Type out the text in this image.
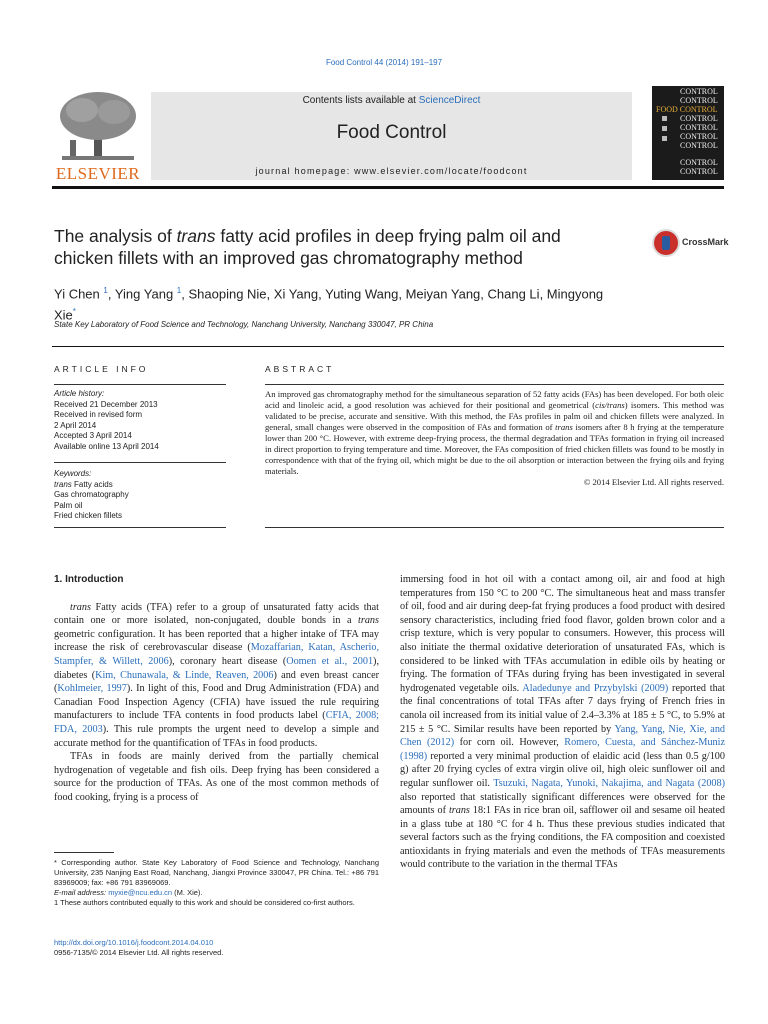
Food Control 44 (2014) 191–197
ELSEVIER
Contents lists available at ScienceDirect
Food Control
journal homepage: www.elsevier.com/locate/foodcont
CONTROL
CONTROL
FOOD CONTROL
CONTROL
CONTROL
CONTROL
CONTROL
CONTROL
CONTROL
The analysis of trans fatty acid profiles in deep frying palm oil and chicken fillets with an improved gas chromatography method
CrossMark
Yi Chen $^1$, Ying Yang $^1$, Shaoping Nie, Xi Yang, Yuting Wang, Meiyan Yang, Chang Li, Mingyong Xie*
State Key Laboratory of Food Science and Technology, Nanchang University, Nanchang 330047, PR China
ARTICLE INFO
Article history:
Received 21 December 2013
Received in revised form
2 April 2014
Accepted 3 April 2014
Available online 13 April 2014
Keywords:
trans Fatty acids
Gas chromatography
Palm oil
Fried chicken fillets
ABSTRACT
An improved gas chromatography method for the simultaneous separation of 52 fatty acids (FAs) has been developed. For both oleic acid and linoleic acid, a good resolution was achieved for their positional and geometrical (cis/trans) isomers. This method was validated to be precise, accurate and sensitive. With this method, the FAs profiles in palm oil and chicken fillets were analyzed. In general, small changes were observed in the composition of FAs and formation of trans isomers after 8 h frying at the temperature lower than 200 °C. However, with extreme deep-frying process, the thermal degradation and TFAs formation in frying oil increased in direct proportion to frying temperature and time. Moreover, the FAs composition of fried chicken fillets was found to be mostly in correspondence with that of the frying oil, which might be due to the oil absorption or interaction between the frying oils and frying materials.
© 2014 Elsevier Ltd. All rights reserved.
1. Introduction

trans Fatty acids (TFA) refer to a group of unsaturated fatty acids that contain one or more isolated, non-conjugated, double bonds in a trans geometric configuration. It has been reported that a higher intake of TFA may increase the risk of cerebrovascular disease (Mozaffarian, Katan, Ascherio, Stampfer, & Willett, 2006), coronary heart disease (Oomen et al., 2001), diabetes (Kim, Chunawala, & Linde, Reaven, 2006) and even breast cancer (Kohlmeier, 1997). In light of this, Food and Drug Administration (FDA) and Canadian Food Inspection Agency (CFIA) have issued the rule requiring manufacturers to include TFA contents in food products label (CFIA, 2008; FDA, 2003). This rule prompts the urgent need to develop a simple and accurate method for the quantification of TFAs in food products.

TFAs in foods are mainly derived from the partially chemical hydrogenation of vegetable and fish oils. Deep frying has been considered a source for the production of TFAs. As one of the most common methods of food cooking, frying is a process of

immersing food in hot oil with a contact among oil, air and food at high temperatures from 150 °C to 200 °C. The simultaneous heat and mass transfer of oil, food and air during deep-fat frying produces a food product with desired sensory characteristics, including fried food flavor, golden brown color and a crisp texture, which is very popular to consumers. However, this process will also initiate the thermal oxidative deterioration of unsaturated FAs, which is considered to be linked with TFAs accumulation in edible oils by heating or frying. The formation of TFAs during frying has been investigated in several hydrogenated vegetable oils. Aladedunye and Przybylski (2009) reported that the final concentrations of total TFAs after 7 days frying of French fries in canola oil increased from its initial value of 2.4–3.3% at 185 ± 5 °C, to 5.9% at 215 ± 5 °C. Similar results have been reported by Yang, Yang, Nie, Xie, and Chen (2012) for corn oil. However, Romero, Cuesta, and Sánchez-Muniz (1998) reported a very minimal production of elaidic acid (less than 0.5 g/100 g) after 20 frying cycles of extra virgin olive oil, high oleic sunflower oil and regular sunflower oil. Tsuzuki, Nagata, Yunoki, Nakajima, and Nagata (2008) also reported that statistically significant differences were observed for the amounts of trans 18:1 FAs in rice bran oil, safflower oil and sesame oil heated in a glass tube at 180 °C for 4 h. Thus these previous studies indicated that several factors such as the frying conditions, the FA composition and coexisted antioxidants in frying materials and even the methods of TFAs measurements would contribute to the variation in the thermal TFAs

* Corresponding author. State Key Laboratory of Food Science and Technology, Nanchang University, 235 Nanjing East Road, Nanchang, Jiangxi Province 330047, PR China. Tel.: +86 791 83969009; fax: +86 791 83969069.
E-mail address: myxie@ncu.edu.cn (M. Xie).
1 These authors contributed equally to this work and should be considered co-first authors.
http://dx.doi.org/10.1016/j.foodcont.2014.04.010
0956-7135/© 2014 Elsevier Ltd. All rights reserved.
